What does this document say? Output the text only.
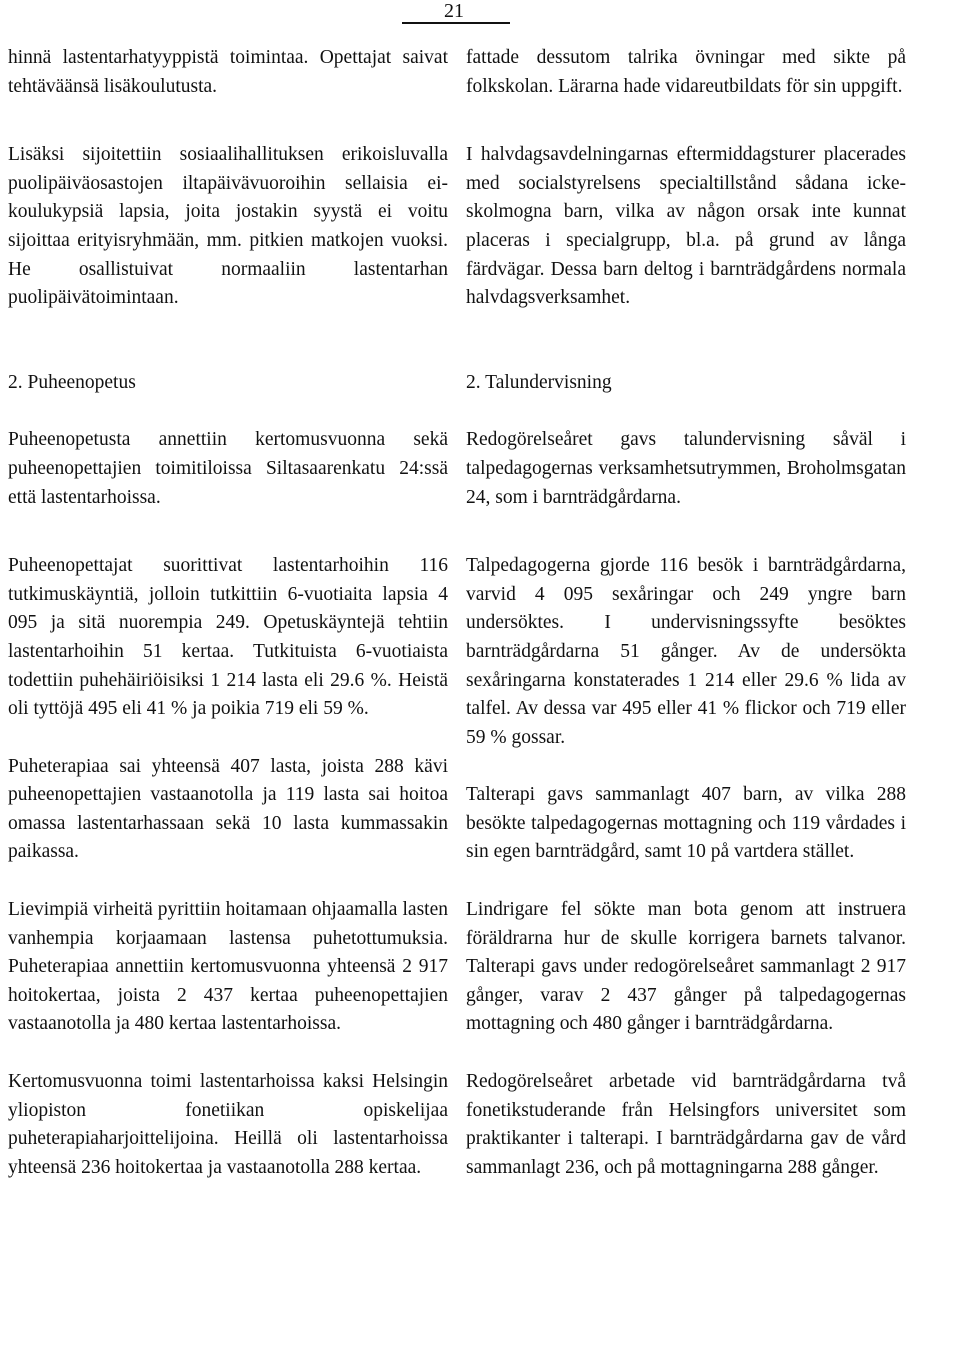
21

hinnä lastentarhatyyppistä toimintaa. Opettajat saivat tehtäväänsä lisäkoulutusta.

Lisäksi sijoitettiin sosiaalihallituksen erikoisluvalla puolipäiväosastojen iltapäivävuoroihin sellaisia ei-koulukypsiä lapsia, joita jostakin syystä ei voitu sijoittaa erityisryhmään, mm. pitkien matkojen vuoksi. He osallistuivat normaaliin lastentarhan puolipäivätoimintaan.

2. Puheenopetus

Puheenopetusta annettiin kertomusvuonna sekä puheenopettajien toimitiloissa Siltasaarenkatu 24:ssä että lastentarhoissa.

Puheenopettajat suorittivat lastentarhoihin 116 tutkimuskäyntiä, jolloin tutkittiin 6-vuotiaita lapsia 4 095 ja sitä nuorempia 249. Opetuskäyntejä tehtiin lastentarhoihin 51 kertaa. Tutkituista 6-vuotiaista todettiin puhehäiriöisiksi 1 214 lasta eli 29.6 %. Heistä oli tyttöjä 495 eli 41 % ja poikia 719 eli 59 %.

Puheterapiaa sai yhteensä 407 lasta, joista 288 kävi puheenopettajien vastaanotolla ja 119 lasta sai hoitoa omassa lastentarhassaan sekä 10 lasta kummassakin paikassa.

Lievimpiä virheitä pyrittiin hoitamaan ohjaamalla lasten vanhempia korjaamaan lastensa puhetottumuksia. Puheterapiaa annettiin kertomusvuonna yhteensä 2 917 hoitokertaa, joista 2 437 kertaa puheenopettajien vastaanotolla ja 480 kertaa lastentarhoissa.

Kertomusvuonna toimi lastentarhoissa kaksi Helsingin yliopiston fonetiikan opiskelijaa puheterapiaharjoittelijoina. Heillä oli lastentarhoissa yhteensä 236 hoitokertaa ja vastaanotolla 288 kertaa.

fattade dessutom talrika övningar med sikte på folkskolan. Lärarna hade vidareutbildats för sin uppgift.

I halvdagsavdelningarnas eftermiddagsturer placerades med socialstyrelsens specialtillstånd sådana icke-skolmogna barn, vilka av någon orsak inte kunnat placeras i specialgrupp, bl.a. på grund av långa färdvägar. Dessa barn deltog i barnträdgårdens normala halvdagsverksamhet.

2. Talundervisning

Redogörelseåret gavs talundervisning såväl i talpedagogernas verksamhetsutrymmen, Broholmsgatan 24, som i barnträdgårdarna.

Talpedagogerna gjorde 116 besök i barnträdgårdarna, varvid 4 095 sexåringar och 249 yngre barn undersöktes. I undervisningssyfte besöktes barnträdgårdarna 51 gånger. Av de undersökta sexåringarna konstaterades 1 214 eller 29.6 % lida av talfel. Av dessa var 495 eller 41 % flickor och 719 eller 59 % gossar.

Talterapi gavs sammanlagt 407 barn, av vilka 288 besökte talpedagogernas mottagning och 119 vårdades i sin egen barnträdgård, samt 10 på vartdera stället.

Lindrigare fel sökte man bota genom att instruera föräldrarna hur de skulle korrigera barnets talvanor. Talterapi gavs under redogörelseåret sammanlagt 2 917 gånger, varav 2 437 gånger på talpedagogernas mottagning och 480 gånger i barnträdgårdarna.

Redogörelseåret arbetade vid barnträdgårdarna två fonetikstuderande från Helsingfors universitet som praktikanter i talterapi. I barnträdgårdarna gav de vård sammanlagt 236, och på mottagningarna 288 gånger.
